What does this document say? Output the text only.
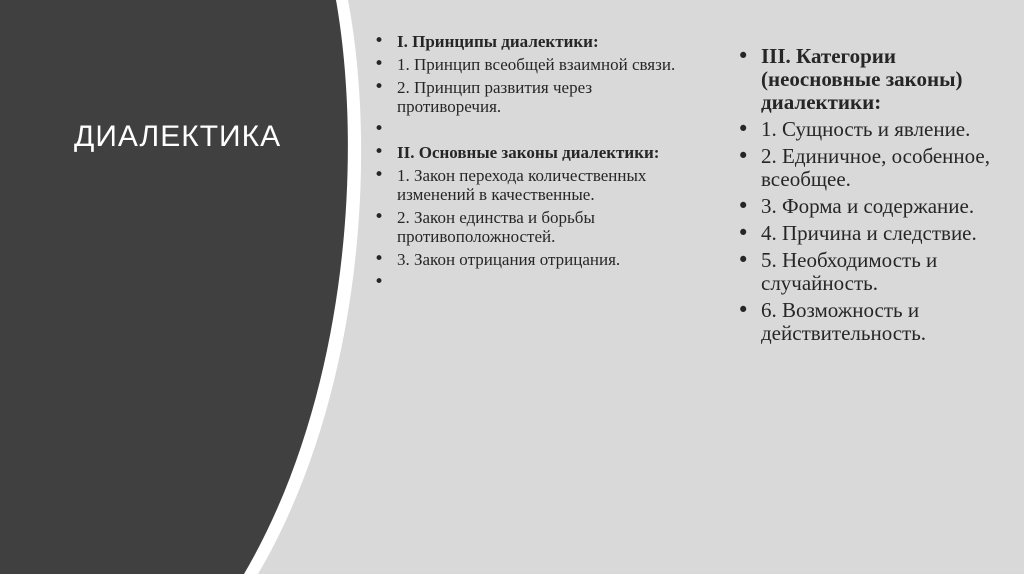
ДИАЛЕКТИКА
• I. Принципы диалектики:
• 1. Принцип всеобщей взаимной связи.
• 2. Принцип развития через противоречия.
•
• II. Основные законы диалектики:
• 1. Закон перехода количественных изменений в качественные.
• 2. Закон единства и борьбы противоположностей.
• 3. Закон отрицания отрицания.
•
• III. Категории (неосновные законы) диалектики:
• 1. Сущность и явление.
• 2. Единичное, особенное, всеобщее.
• 3. Форма и содержание.
• 4. Причина и следствие.
• 5. Необходимость и случайность.
• 6. Возможность и действительность.
